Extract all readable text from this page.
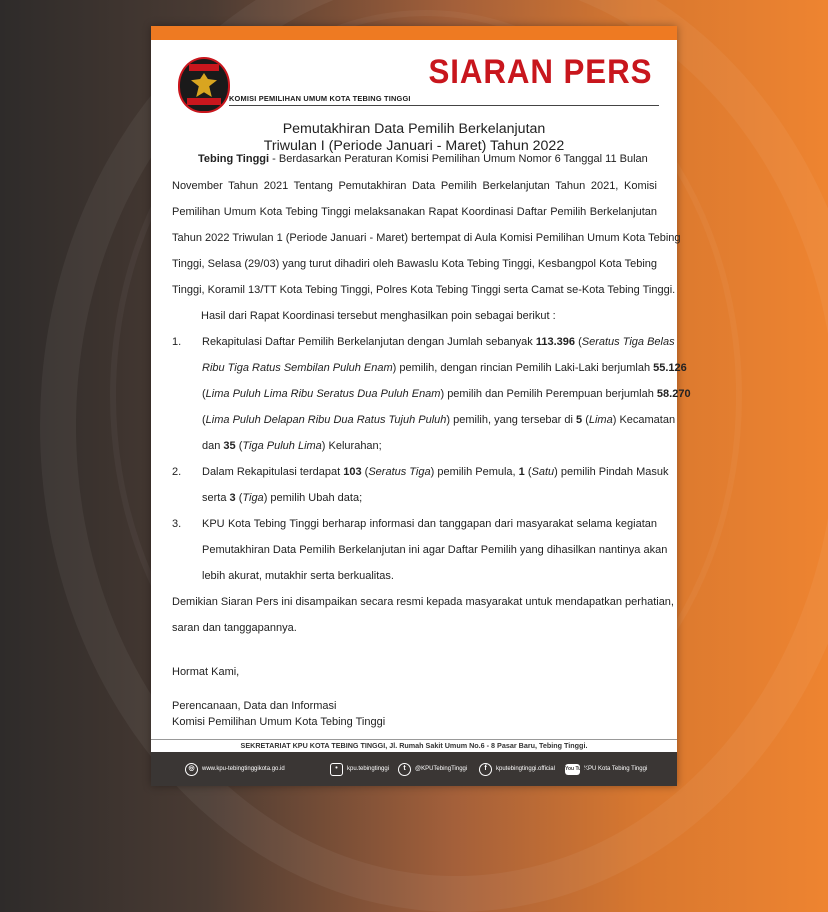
KOMISI PEMILIHAN UMUM KOTA TEBING TINGGI
SIARAN PERS
Pemutakhiran Data Pemilih Berkelanjutan
Triwulan I (Periode Januari - Maret) Tahun 2022
Tebing Tinggi - Berdasarkan Peraturan Komisi Pemilihan Umum Nomor 6 Tanggal 11 Bulan
November Tahun 2021 Tentang Pemutakhiran Data Pemilih Berkelanjutan Tahun 2021, Komisi
Pemilihan Umum Kota Tebing Tinggi melaksanakan Rapat Koordinasi Daftar Pemilih Berkelanjutan
Tahun 2022 Triwulan 1 (Periode Januari - Maret) bertempat di Aula Komisi Pemilihan Umum Kota Tebing
Tinggi, Selasa (29/03) yang turut dihadiri oleh Bawaslu Kota Tebing Tinggi, Kesbangpol Kota Tebing
Tinggi, Koramil 13/TT Kota Tebing Tinggi, Polres Kota Tebing Tinggi serta Camat se-Kota Tebing Tinggi.
Hasil dari Rapat Koordinasi tersebut menghasilkan poin sebagai berikut :
1. Rekapitulasi Daftar Pemilih Berkelanjutan dengan Jumlah sebanyak 113.396 (Seratus Tiga Belas
Ribu Tiga Ratus Sembilan Puluh Enam) pemilih, dengan rincian Pemilih Laki-Laki berjumlah 55.126
(Lima Puluh Lima Ribu Seratus Dua Puluh Enam) pemilih dan Pemilih Perempuan berjumlah 58.270
(Lima Puluh Delapan Ribu Dua Ratus Tujuh Puluh) pemilih, yang tersebar di 5 (Lima) Kecamatan
dan 35 (Tiga Puluh Lima) Kelurahan;
2. Dalam Rekapitulasi terdapat 103 (Seratus Tiga) pemilih Pemula, 1 (Satu) pemilih Pindah Masuk
serta 3 (Tiga) pemilih Ubah data;
3. KPU Kota Tebing Tinggi berharap informasi dan tanggapan dari masyarakat selama kegiatan
Pemutakhiran Data Pemilih Berkelanjutan ini agar Daftar Pemilih yang dihasilkan nantinya akan
lebih akurat, mutakhir serta berkualitas.
Demikian Siaran Pers ini disampaikan secara resmi kepada masyarakat untuk mendapatkan perhatian,
saran dan tanggapannya.
Hormat Kami,
Perencanaan, Data dan Informasi
Komisi Pemilihan Umum Kota Tebing Tinggi
SEKRETARIAT KPU KOTA TEBING TINGGI, Jl. Rumah Sakit Umum No.6 - 8 Pasar Baru, Tebing Tinggi.
◎	www.kpu-tebingtinggikota.go.id	•	kpu.tebingtinggi	t	@KPUTebingTinggi	f	kputebingtinggi.official You Tube
KPU Kota Tebing Tinggi
